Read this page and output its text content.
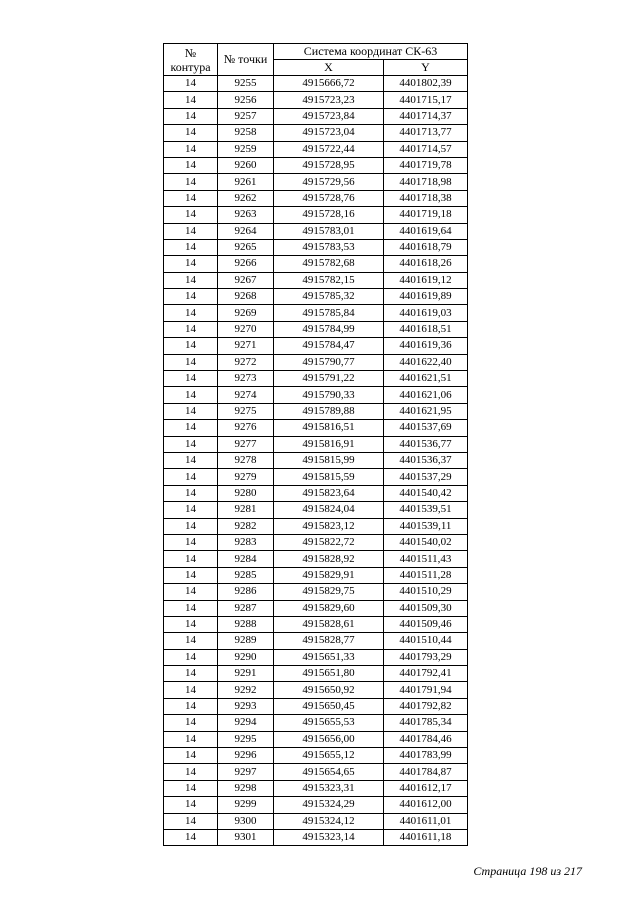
№ контура	№ точки	Система координат СК-63	
		X	Y
14	9255	4915666,72	4401802,39
14	9256	4915723,23	4401715,17
14	9257	4915723,84	4401714,37
14	9258	4915723,04	4401713,77
14	9259	4915722,44	4401714,57
14	9260	4915728,95	4401719,78
14	9261	4915729,56	4401718,98
14	9262	4915728,76	4401718,38
14	9263	4915728,16	4401719,18
14	9264	4915783,01	4401619,64
14	9265	4915783,53	4401618,79
14	9266	4915782,68	4401618,26
14	9267	4915782,15	4401619,12
14	9268	4915785,32	4401619,89
14	9269	4915785,84	4401619,03
14	9270	4915784,99	4401618,51
14	9271	4915784,47	4401619,36
14	9272	4915790,77	4401622,40
14	9273	4915791,22	4401621,51
14	9274	4915790,33	4401621,06
14	9275	4915789,88	4401621,95
14	9276	4915816,51	4401537,69
14	9277	4915816,91	4401536,77
14	9278	4915815,99	4401536,37
14	9279	4915815,59	4401537,29
14	9280	4915823,64	4401540,42
14	9281	4915824,04	4401539,51
14	9282	4915823,12	4401539,11
14	9283	4915822,72	4401540,02
14	9284	4915828,92	4401511,43
14	9285	4915829,91	4401511,28
14	9286	4915829,75	4401510,29
14	9287	4915829,60	4401509,30
14	9288	4915828,61	4401509,46
14	9289	4915828,77	4401510,44
14	9290	4915651,33	4401793,29
14	9291	4915651,80	4401792,41
14	9292	4915650,92	4401791,94
14	9293	4915650,45	4401792,82
14	9294	4915655,53	4401785,34
14	9295	4915656,00	4401784,46
14	9296	4915655,12	4401783,99
14	9297	4915654,65	4401784,87
14	9298	4915323,31	4401612,17
14	9299	4915324,29	4401612,00
14	9300	4915324,12	4401611,01
14	9301	4915323,14	4401611,18
Страница 198 из 217
